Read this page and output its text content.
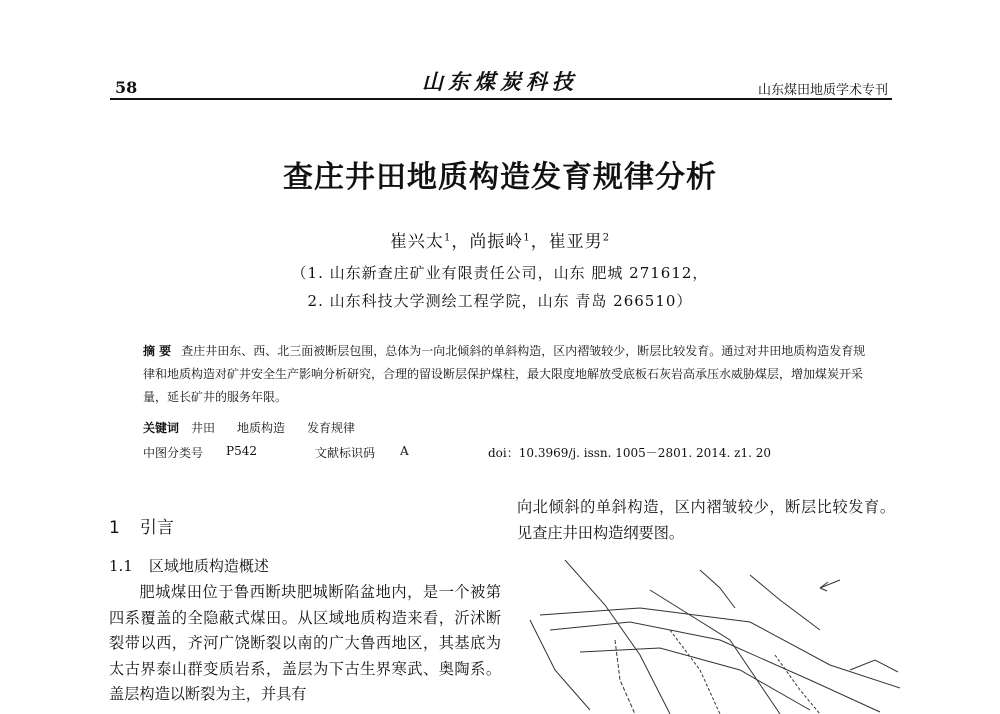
58	山东煤炭科技	山东煤田地质学术专刊
查庄井田地质构造发育规律分析
崔兴太$^1$，尚振岭$^1$，崔亚男$^2$
（1. 山东新查庄矿业有限责任公司，山东 肥城 271612，
2. 山东科技大学测绘工程学院，山东 青岛 266510）
摘 要 查庄井田东、西、北三面被断层包围，总体为一向北倾斜的单斜构造，区内褶皱较少，断层比较发育。通过对井田地质构造发育规律和地质构造对矿井安全生产影响分析研究，合理的留设断层保护煤柱，最大限度地解放受底板石灰岩高承压水威胁煤层，增加煤炭开采量，延长矿井的服务年限。
关键词 井田 地质构造 发育规律
中图分类号 P542	文献标识码 A	doi：10.3969/j. issn. 1005－2801. 2014. z1. 20
1 引言
1.1 区域地质构造概述
肥城煤田位于鲁西断块肥城断陷盆地内，是一个被第四系覆盖的全隐蔽式煤田。从区域地质构造来看，沂沭断裂带以西，齐河广饶断裂以南的广大鲁西地区，其基底为太古界泰山群变质岩系，盖层为下古生界寒武、奥陶系。盖层构造以断裂为主，并具有
向北倾斜的单斜构造，区内褶皱较少，断层比较发育。见查庄井田构造纲要图。
